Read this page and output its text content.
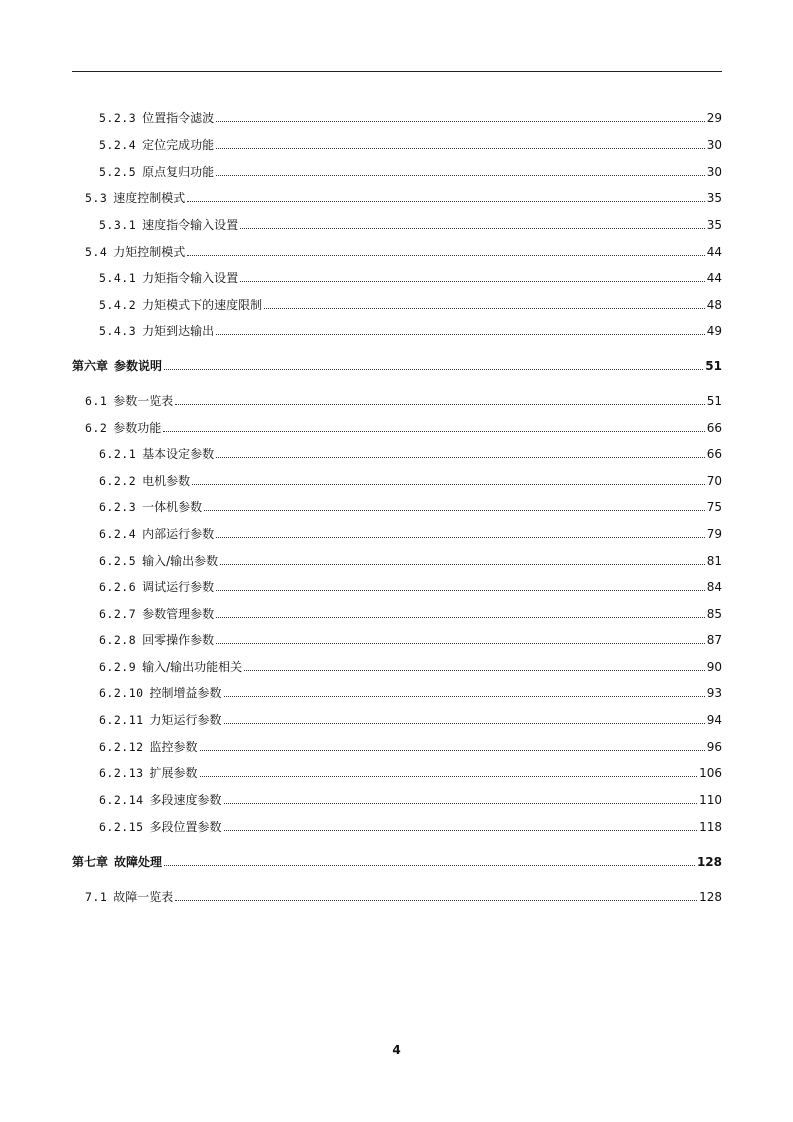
5.2.3 位置指令滤波	29
5.2.4 定位完成功能	30
5.2.5 原点复归功能	30
5.3 速度控制模式	35
5.3.1 速度指令输入设置	35
5.4 力矩控制模式	44
5.4.1 力矩指令输入设置	44
5.4.2 力矩模式下的速度限制	48
5.4.3 力矩到达输出	49
第六章 参数说明	51
6.1 参数一览表	51
6.2 参数功能	66
6.2.1 基本设定参数	66
6.2.2 电机参数	70
6.2.3 一体机参数	75
6.2.4 内部运行参数	79
6.2.5 输入/输出参数	81
6.2.6 调试运行参数	84
6.2.7 参数管理参数	85
6.2.8 回零操作参数	87
6.2.9 输入/输出功能相关	90
6.2.10 控制增益参数	93
6.2.11 力矩运行参数	94
6.2.12 监控参数	96
6.2.13 扩展参数	106
6.2.14 多段速度参数	110
6.2.15 多段位置参数	118
第七章 故障处理	128
7.1 故障一览表	128
4
